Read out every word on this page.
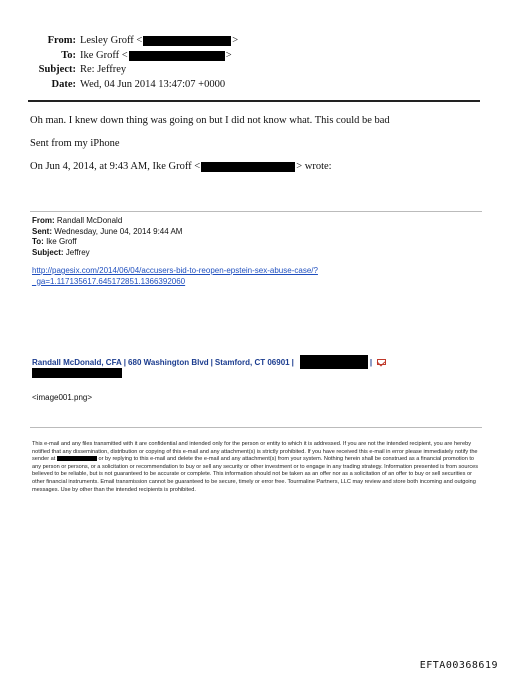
From: Lesley Groff <	>
To: Ike Groff <	>
Subject: Re: Jeffrey
Date: Wed, 04 Jun 2014 13:47:07 +0000
Oh man. I knew down thing was going on but I did not know what. This could be bad
Sent from my iPhone
On Jun 4, 2014, at 9:43 AM, Ike Groff <	> wrote:
From: Randall McDonald
Sent: Wednesday, June 04, 2014 9:44 AM
To: Ike Groff
Subject: Jeffrey
http://pagesix.com/2014/06/04/accusers-bid-to-reopen-epstein-sex-abuse-case/?
_ga=1.117135617.645172851.1366392060
Randall McDonald, CFA | 680 Washington Blvd | Stamford, CT 06901 |	|
<image001.png>
This e-mail and any files transmitted with it are confidential and intended only for the person or entity to which it is addressed. If you are not the intended recipient, you are hereby notified that any dissemination, distribution or copying of this e-mail and any attachment(s) is strictly prohibited. If you have received this e-mail in error please immediately notify the sender at	or by replying to this e-mail and delete the e-mail and any attachment(s) from your system. Nothing herein shall be construed as a financial promotion to any person or persons, or a solicitation or recommendation to buy or sell any security or other investment or to engage in any trading strategy. Information presented is from sources believed to be reliable, but is not guaranteed to be accurate or complete. This information should not be taken as an offer nor as a solicitation of an offer to buy or sell securities or other financial instruments. Email transmission cannot be guaranteed to be secure, timely or error free. Tourmaline Partners, LLC may review and store both incoming and outgoing messages. Use by other than the intended recipients is prohibited.
EFTA00368619
